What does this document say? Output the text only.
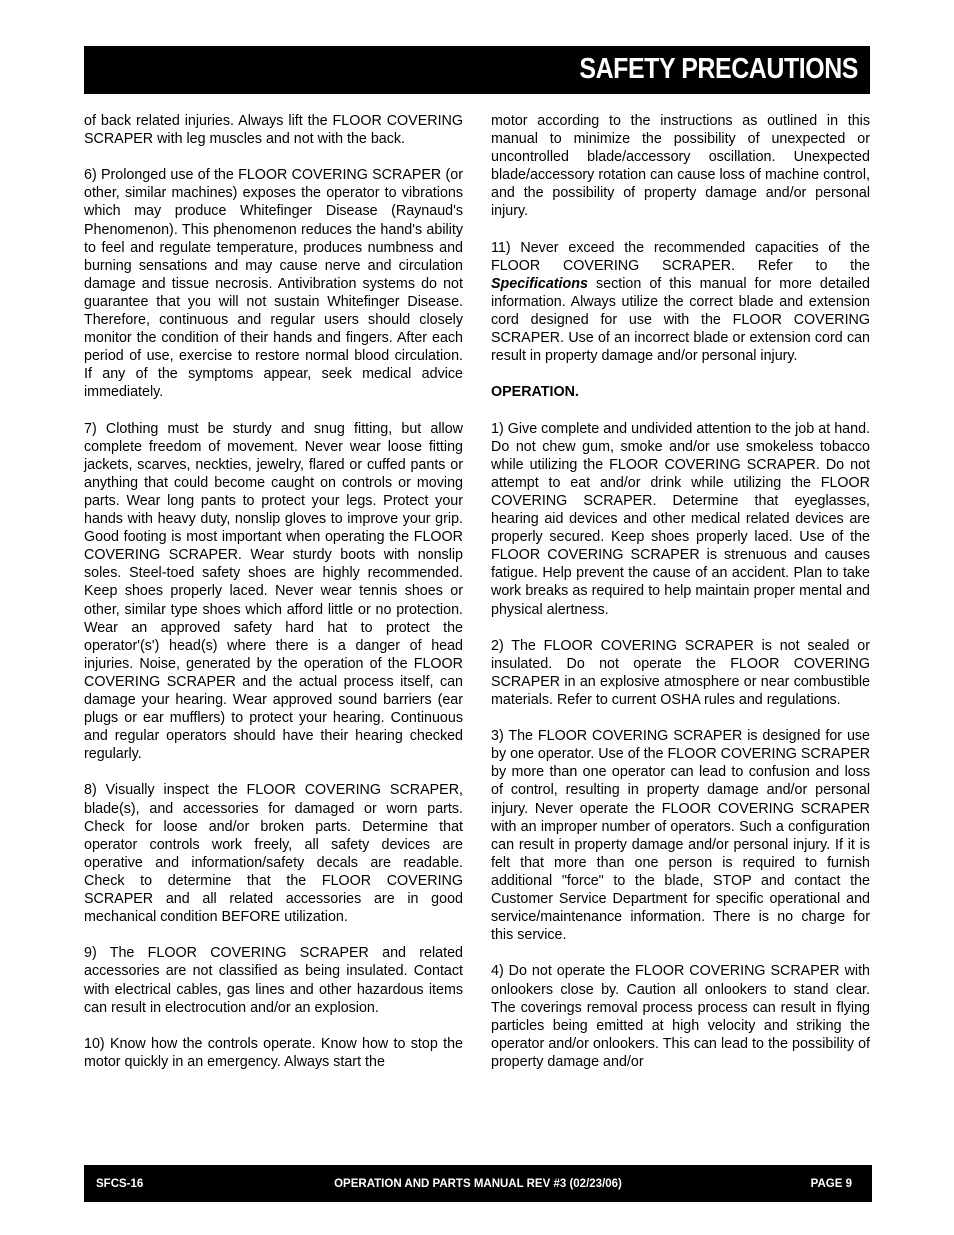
SAFETY PRECAUTIONS

of back related injuries. Always lift the FLOOR COVERING SCRAPER with leg muscles and not with the back.

6) Prolonged use of the FLOOR COVERING SCRAPER (or other, similar machines) exposes the operator to vibrations which may produce Whitefinger Disease (Raynaud's Phenomenon). This phenomenon reduces the hand's ability to feel and regulate temperature, produces numbness and burning sensations and may cause nerve and circulation damage and tissue necrosis. Antivibration systems do not guarantee that you will not sustain Whitefinger Disease. Therefore, continuous and regular users should closely monitor the condition of their hands and fingers. After each period of use, exercise to restore normal blood circulation. If any of the symptoms appear, seek medical advice immediately.

7) Clothing must be sturdy and snug fitting, but allow complete freedom of movement. Never wear loose fitting jackets, scarves, neckties, jewelry, flared or cuffed pants or anything that could become caught on controls or moving parts. Wear long pants to protect your legs. Protect your hands with heavy duty, nonslip gloves to improve your grip. Good footing is most important when operating the FLOOR COVERING SCRAPER. Wear sturdy boots with nonslip soles. Steel-toed safety shoes are highly recommended. Keep shoes properly laced. Never wear tennis shoes or other, similar type shoes which afford little or no protection. Wear an approved safety hard hat to protect the operator'(s') head(s) where there is a danger of head injuries. Noise, generated by the operation of the FLOOR COVERING SCRAPER and the actual process itself, can damage your hearing. Wear approved sound barriers (ear plugs or ear mufflers) to protect your hearing. Continuous and regular operators should have their hearing checked regularly.

8) Visually inspect the FLOOR COVERING SCRAPER, blade(s), and accessories for damaged or worn parts. Check for loose and/or broken parts. Determine that operator controls work freely, all safety devices are operative and information/safety decals are readable. Check to determine that the FLOOR COVERING SCRAPER and all related accessories are in good mechanical condition BEFORE utilization.

9) The FLOOR COVERING SCRAPER and related accessories are not classified as being insulated. Contact with electrical cables, gas lines and other hazardous items can result in electrocution and/or an explosion.

10) Know how the controls operate. Know how to stop the motor quickly in an emergency. Always start the

motor according to the instructions as outlined in this manual to minimize the possibility of unexpected or uncontrolled blade/accessory oscillation. Unexpected blade/accessory rotation can cause loss of machine control, and the possibility of property damage and/or personal injury.

11) Never exceed the recommended capacities of the FLOOR COVERING SCRAPER. Refer to the Specifications section of this manual for more detailed information. Always utilize the correct blade and extension cord designed for use with the FLOOR COVERING SCRAPER. Use of an incorrect blade or extension cord can result in property damage and/or personal injury.

OPERATION.

1) Give complete and undivided attention to the job at hand. Do not chew gum, smoke and/or use smokeless tobacco while utilizing the FLOOR COVERING SCRAPER. Do not attempt to eat and/or drink while utilizing the FLOOR COVERING SCRAPER. Determine that eyeglasses, hearing aid devices and other medical related devices are properly secured. Keep shoes properly laced. Use of the FLOOR COVERING SCRAPER is strenuous and causes fatigue. Help prevent the cause of an accident. Plan to take work breaks as required to help maintain proper mental and physical alertness.

2) The FLOOR COVERING SCRAPER is not sealed or insulated. Do not operate the FLOOR COVERING SCRAPER in an explosive atmosphere or near combustible materials. Refer to current OSHA rules and regulations.

3) The FLOOR COVERING SCRAPER is designed for use by one operator. Use of the FLOOR COVERING SCRAPER by more than one operator can lead to confusion and loss of control, resulting in property damage and/or personal injury. Never operate the FLOOR COVERING SCRAPER with an improper number of operators. Such a configuration can result in property damage and/or personal injury. If it is felt that more than one person is required to furnish additional "force" to the blade, STOP and contact the Customer Service Department for specific operational and service/maintenance information. There is no charge for this service.

4) Do not operate the FLOOR COVERING SCRAPER with onlookers close by. Caution all onlookers to stand clear. The coverings removal process process can result in flying particles being emitted at high velocity and striking the operator and/or onlookers. This can lead to the possibility of property damage and/or

SFCS-16	OPERATION AND PARTS MANUAL REV #3 (02/23/06)	PAGE 9
